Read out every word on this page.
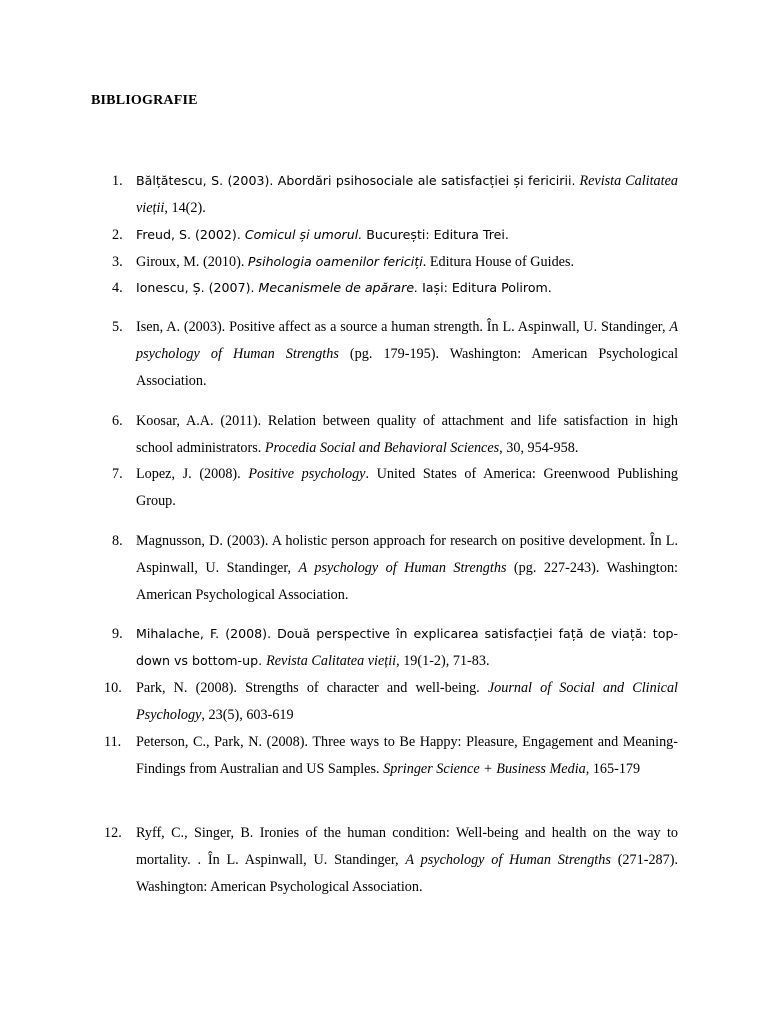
BIBLIOGRAFIE

1. Bălțătescu, S. (2003). Abordări psihosociale ale satisfacției și fericirii. Revista Calitatea vieții, 14(2).
2. Freud, S. (2002). Comicul și umorul. București: Editura Trei.
3. Giroux, M. (2010). Psihologia oamenilor fericiți. Editura House of Guides.
4. Ionescu, Ș. (2007). Mecanismele de apărare. Iași: Editura Polirom.
5. Isen, A. (2003). Positive affect as a source a human strength. În L. Aspinwall, U. Standinger, A psychology of Human Strengths (pg. 179-195). Washington: American Psychological Association.
6. Koosar, A.A. (2011). Relation between quality of attachment and life satisfaction in high school administrators. Procedia Social and Behavioral Sciences, 30, 954-958.
7. Lopez, J. (2008). Positive psychology. United States of America: Greenwood Publishing Group.
8. Magnusson, D. (2003). A holistic person approach for research on positive development. În L. Aspinwall, U. Standinger, A psychology of Human Strengths (pg. 227-243). Washington: American Psychological Association.
9. Mihalache, F. (2008). Două perspective în explicarea satisfacției față de viață: top-down vs bottom-up. Revista Calitatea vieții, 19(1-2), 71-83.
10. Park, N. (2008). Strengths of character and well-being. Journal of Social and Clinical Psychology, 23(5), 603-619
11. Peterson, C., Park, N. (2008). Three ways to Be Happy: Pleasure, Engagement and Meaning- Findings from Australian and US Samples. Springer Science + Business Media, 165-179
12. Ryff, C., Singer, B. Ironies of the human condition: Well-being and health on the way to mortality. . În L. Aspinwall, U. Standinger, A psychology of Human Strengths (271-287). Washington: American Psychological Association.
